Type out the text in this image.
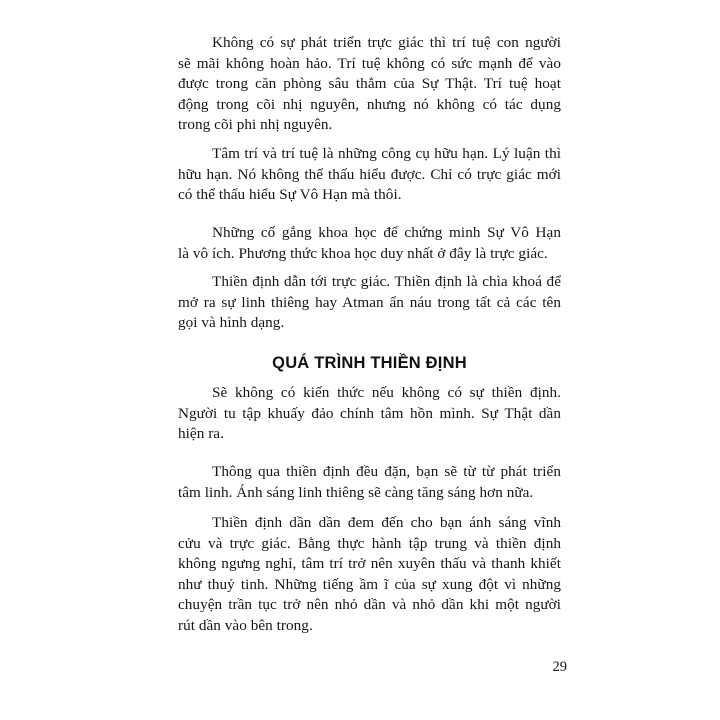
Không có sự phát triển trực giác thì trí tuệ con người
sẽ mãi không hoàn hảo. Trí tuệ không có sức mạnh để vào
được trong căn phòng sâu thẳm của Sự Thật. Trí tuệ hoạt
động trong cõi nhị nguyên, nhưng nó không có tác dụng
trong cõi phi nhị nguyên.
Tâm trí và trí tuệ là những công cụ hữu hạn. Lý luận thì
hữu hạn. Nó không thể thấu hiểu được. Chỉ có trực giác mới
có thể thấu hiểu Sự Vô Hạn mà thôi.
Những cố gắng khoa học để chứng minh Sự Vô Hạn
là vô ích. Phương thức khoa học duy nhất ở đây là trực giác.
Thiền định dẫn tới trực giác. Thiền định là chìa khoá để
mở ra sự linh thiêng hay Atman ẩn náu trong tất cả các tên
gọi và hình dạng.
QUÁ TRÌNH THIỀN ĐỊNH
Sẽ không có kiến thức nếu không có sự thiền định.
Người tu tập khuấy đảo chính tâm hồn mình. Sự Thật dần
hiện ra.
Thông qua thiền định đều đặn, bạn sẽ từ từ phát triển
tâm linh. Ánh sáng linh thiêng sẽ càng tăng sáng hơn nữa.
Thiền định dần dần đem đến cho bạn ánh sáng vĩnh
cửu và trực giác. Bằng thực hành tập trung và thiền định
không ngưng nghỉ, tâm trí trở nên xuyên thấu và thanh khiết
như thuỷ tinh. Những tiếng ầm ĩ của sự xung đột vì những
chuyện trần tục trở nên nhỏ dần và nhỏ dần khi một người
rút dần vào bên trong.
29
